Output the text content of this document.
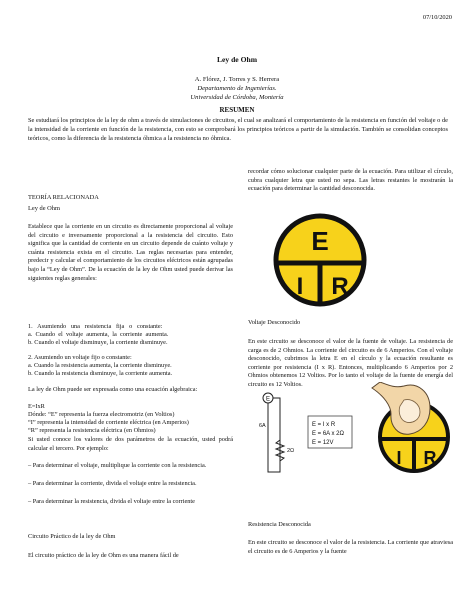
07/10/2020
Ley de Ohm
A. Flórez, J. Torres y S. Herrera
Departamento de Ingenierías.
Universidad de Córdoba, Montería
RESUMEN

Se estudiará los principios de la ley de ohm a través de simulaciones de circuitos, el cual se analizará el comportamiento de la resistencia en función del voltaje o de la intensidad de la corriente en función de la resistencia, con esto se comprobará los principios teóricos a partir de la simulación. También se consolidan conceptos teóricos, como la diferencia de la resistencia óhmica a la resistencia no óhmica.

TEORÍA RELACIONADA
Ley de Ohm

Establece que la corriente en un circuito es directamente proporcional al voltaje del circuito e inversamente proporcional a la resistencia del circuito. Esto significa que la cantidad de corriente en un circuito depende de cuánto voltaje y cuánta resistencia exista en el circuito. Las reglas necesarias para entender, predecir y calcular el comportamiento de los circuitos eléctricos están agrupadas bajo la “Ley de Ohm”. De la ecuación de la ley de Ohm usted puede derivar las siguientes reglas generales:

1.   Asumiendo   una   resistencia   fija   o   constante:

a.  Cuando  el  voltaje  aumenta,  la  corriente  aumenta.

b. Cuando el voltaje disminuye, la corriente disminuye.

2. Asumiendo un voltaje fijo o constante:

a. Cuando la resistencia aumenta, la corriente disminuye.

b. Cuando la resistencia disminuye, la corriente aumenta.

La ley de Ohm puede ser expresada como una ecuación algebraica:

E=IxR

Dónde: “E” representa la fuerza electromotriz (en Voltios)

“I” representa la intensidad de corriente eléctrica (en Amperios)

“R” representa la resistencia eléctrica (en Ohmios)

Si usted conoce los valores de dos parámetros de la ecuación, usted podrá calcular el tercero. Por ejemplo:

– Para determinar el voltaje, multiplique la corriente con la resistencia.

– Para determinar la corriente, divida el voltaje entre la resistencia.

– Para determinar la resistencia, divida el voltaje entre la corriente

Circuito Práctico de la ley de Ohm

El circuito práctico de la ley de Ohm es una manera fácil de

recordar cómo solucionar cualquier parte de la ecuación. Para utilizar el círculo, cubra cualquier letra que usted no sepa. Las letras restantes le mostrarán la ecuación para determinar la cantidad desconocida.

E
I R

Voltaje Desconocido

En este circuito se desconoce el valor de la fuente de voltaje. La resistencia de carga es de 2 Ohmios. La corriente del circuito es de 6 Amperios. Con el voltaje desconocido, cubrimos la letra E en el círculo y la ecuación resultante es corriente por resistencia (I x R). Entonces, multiplicando 6 Amperios por 2 Ohmios obtenemos 12 Voltios. Por lo tanto el voltaje de la fuente de energía del circuito es 12 Voltios.

E
6A
2Ω
E = I x R
E = 6A x 2Ω
E = 12V
I R

Resistencia Desconocida

En este circuito se desconoce el valor de la resistencia. La corriente que atraviesa el circuito es de 6 Amperios y la fuente
